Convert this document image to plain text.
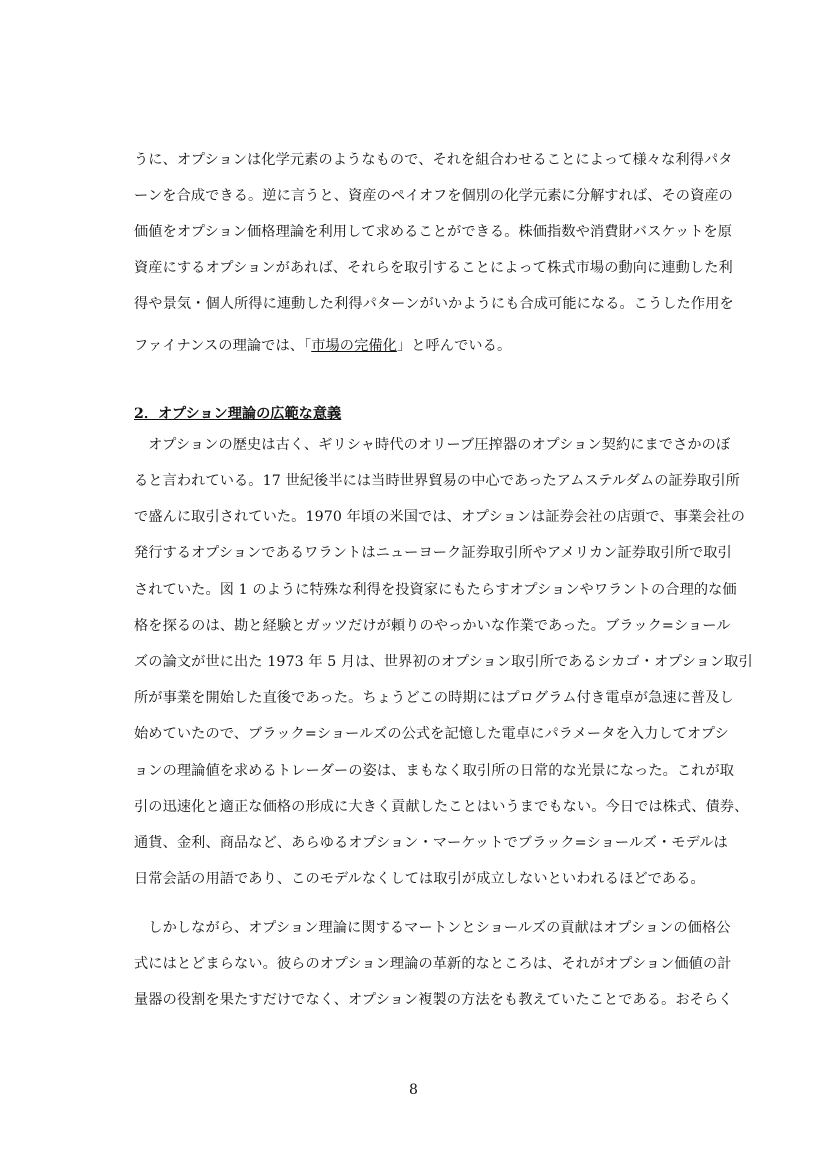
うに、オプションは化学元素のようなもので、それを組合わせることによって様々な利得パタ
ーンを合成できる。逆に言うと、資産のペイオフを個別の化学元素に分解すれば、その資産の
価値をオプション価格理論を利用して求めることができる。株価指数や消費財バスケットを原
資産にするオプションがあれば、それらを取引することによって株式市場の動向に連動した利
得や景気・個人所得に連動した利得パターンがいかようにも合成可能になる。こうした作用を
ファイナンスの理論では、「市場の完備化」と呼んでいる。
2．オプション理論の広範な意義
　オプションの歴史は古く、ギリシャ時代のオリーブ圧搾器のオプション契約にまでさかのぼ
ると言われている。17 世紀後半には当時世界貿易の中心であったアムステルダムの証券取引所
で盛んに取引されていた。1970 年頃の米国では、オプションは証券会社の店頭で、事業会社の
発行するオプションであるワラントはニューヨーク証券取引所やアメリカン証券取引所で取引
されていた。図 1 のように特殊な利得を投資家にもたらすオプションやワラントの合理的な価
格を探るのは、勘と経験とガッツだけが頼りのやっかいな作業であった。ブラック=ショール
ズの論文が世に出た 1973 年 5 月は、世界初のオプション取引所であるシカゴ・オプション取引
所が事業を開始した直後であった。ちょうどこの時期にはプログラム付き電卓が急速に普及し
始めていたので、ブラック=ショールズの公式を記憶した電卓にパラメータを入力してオプシ
ョンの理論値を求めるトレーダーの姿は、まもなく取引所の日常的な光景になった。これが取
引の迅速化と適正な価格の形成に大きく貢献したことはいうまでもない。今日では株式、債券、
通貨、金利、商品など、あらゆるオプション・マーケットでブラック=ショールズ・モデルは
日常会話の用語であり、このモデルなくしては取引が成立しないといわれるほどである。
　しかしながら、オプション理論に関するマートンとショールズの貢献はオプションの価格公
式にはとどまらない。彼らのオプション理論の革新的なところは、それがオプション価値の計
量器の役割を果たすだけでなく、オプション複製の方法をも教えていたことである。おそらく
8
